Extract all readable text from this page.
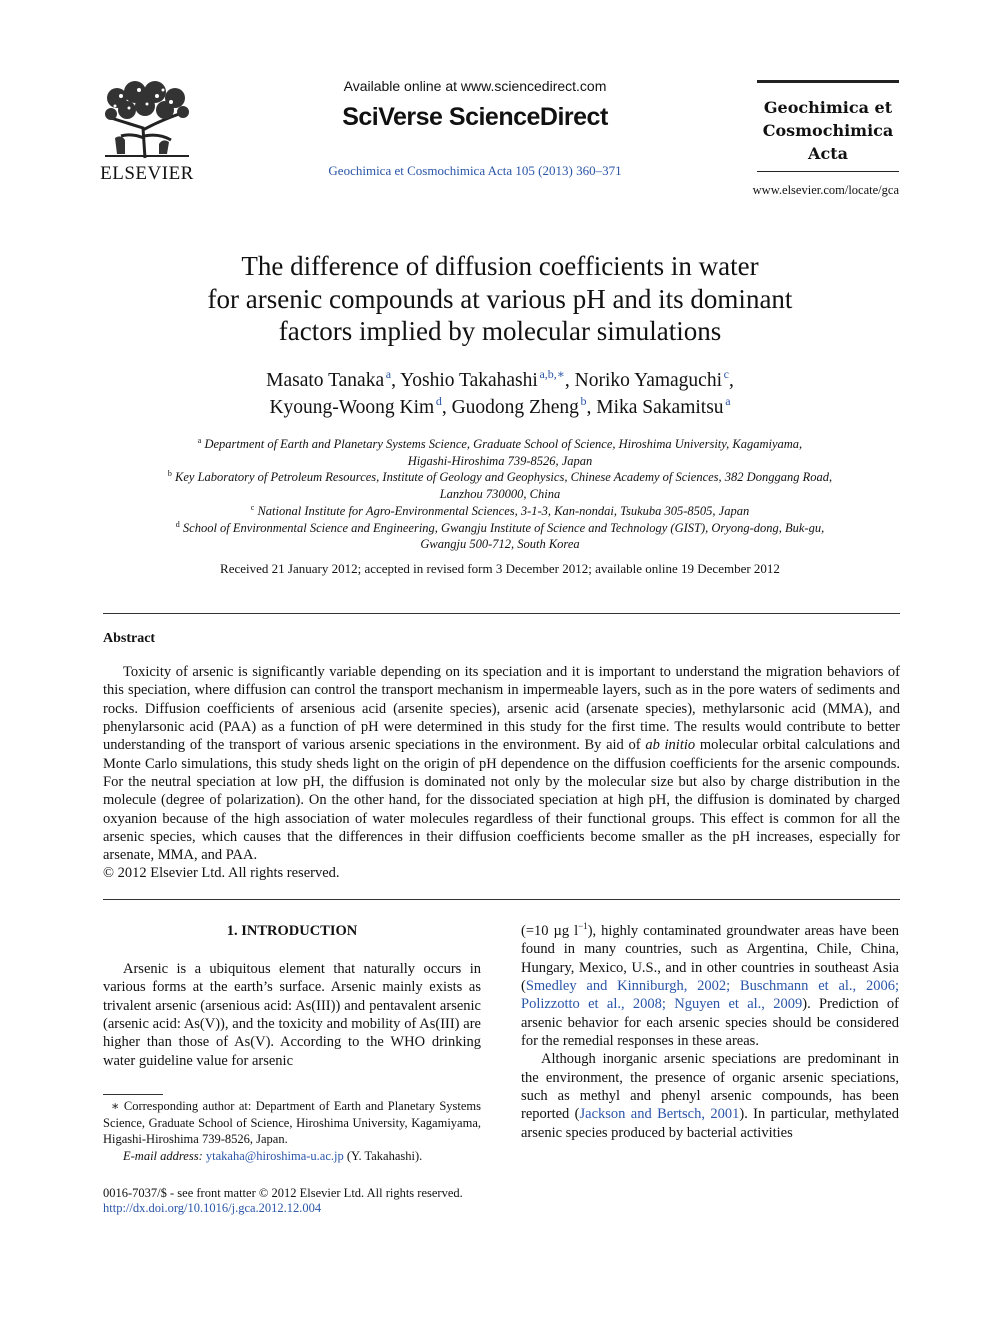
ELSEVIER
Available online at www.sciencedirect.com
SciVerse ScienceDirect
Geochimica et Cosmochimica Acta 105 (2013) 360–371
Geochimica et
Cosmochimica
Acta
www.elsevier.com/locate/gca
The difference of diffusion coefficients in water
for arsenic compounds at various pH and its dominant
factors implied by molecular simulations
Masato Tanaka  $^a$, Yoshio Takahashi  $^{a,b,∗}$, Noriko Yamaguchi  $^c$,
Kyoung-Woong Kim  $^d$, Guodong Zheng  $^b$, Mika Sakamitsu  $^a$
$^a$ Department of Earth and Planetary Systems Science, Graduate School of Science, Hiroshima University, Kagamiyama,
Higashi-Hiroshima 739-8526, Japan
$^b$ Key Laboratory of Petroleum Resources, Institute of Geology and Geophysics, Chinese Academy of Sciences, 382 Donggang Road,
Lanzhou 730000, China
$^c$ National Institute for Agro-Environmental Sciences, 3-1-3, Kan-nondai, Tsukuba 305-8505, Japan
$^d$ School of Environmental Science and Engineering, Gwangju Institute of Science and Technology (GIST), Oryong-dong, Buk-gu,
Gwangju 500-712, South Korea
Received 21 January 2012; accepted in revised form 3 December 2012; available online 19 December 2012
Abstract

Toxicity of arsenic is significantly variable depending on its speciation and it is important to understand the migration behaviors of this speciation, where diffusion can control the transport mechanism in impermeable layers, such as in the pore waters of sediments and rocks. Diffusion coefficients of arsenious acid (arsenite species), arsenic acid (arsenate species), methylarsonic acid (MMA), and phenylarsonic acid (PAA) as a function of pH were determined in this study for the first time. The results would contribute to better understanding of the transport of various arsenic speciations in the environment. By aid of ab initio molecular orbital calculations and Monte Carlo simulations, this study sheds light on the origin of pH dependence on the diffusion coefficients for the arsenic compounds. For the neutral speciation at low pH, the diffusion is dominated not only by the molecular size but also by charge distribution in the molecule (degree of polarization). On the other hand, for the dissociated speciation at high pH, the diffusion is dominated by charged oxyanion because of the high association of water molecules regardless of their functional groups. This effect is common for all the arsenic species, which causes that the differences in their diffusion coefficients become smaller as the pH increases, especially for arsenate, MMA, and PAA.

© 2012 Elsevier Ltd. All rights reserved.
1. INTRODUCTION

Arsenic is a ubiquitous element that naturally occurs in various forms at the earth’s surface. Arsenic mainly exists as trivalent arsenic (arsenious acid: As(III)) and pentavalent arsenic (arsenic acid: As(V)), and the toxicity and mobility of As(III) are higher than those of As(V). According to the WHO drinking water guideline value for arsenic

(=10 µg $l^{-1}$), highly contaminated groundwater areas have been found in many countries, such as Argentina, Chile, China, Hungary, Mexico, U.S., and in other countries in southeast Asia (Smedley and Kinniburgh, 2002; Buschmann et al., 2006; Polizzotto et al., 2008; Nguyen et al., 2009). Prediction of arsenic behavior for each arsenic species should be considered for the remedial responses in these areas.

Although inorganic arsenic speciations are predominant in the environment, the presence of organic arsenic speciations, such as methyl and phenyl arsenic compounds, has been reported (Jackson and Bertsch, 2001). In particular, methylated arsenic species produced by bacterial activities

∗ Corresponding author at: Department of Earth and Planetary Systems Science, Graduate School of Science, Hiroshima University, Kagamiyama, Higashi-Hiroshima 739-8526, Japan.
E-mail address: ytakaha@hiroshima-u.ac.jp (Y. Takahashi).
0016-7037/$ - see front matter © 2012 Elsevier Ltd. All rights reserved.
http://dx.doi.org/10.1016/j.gca.2012.12.004
